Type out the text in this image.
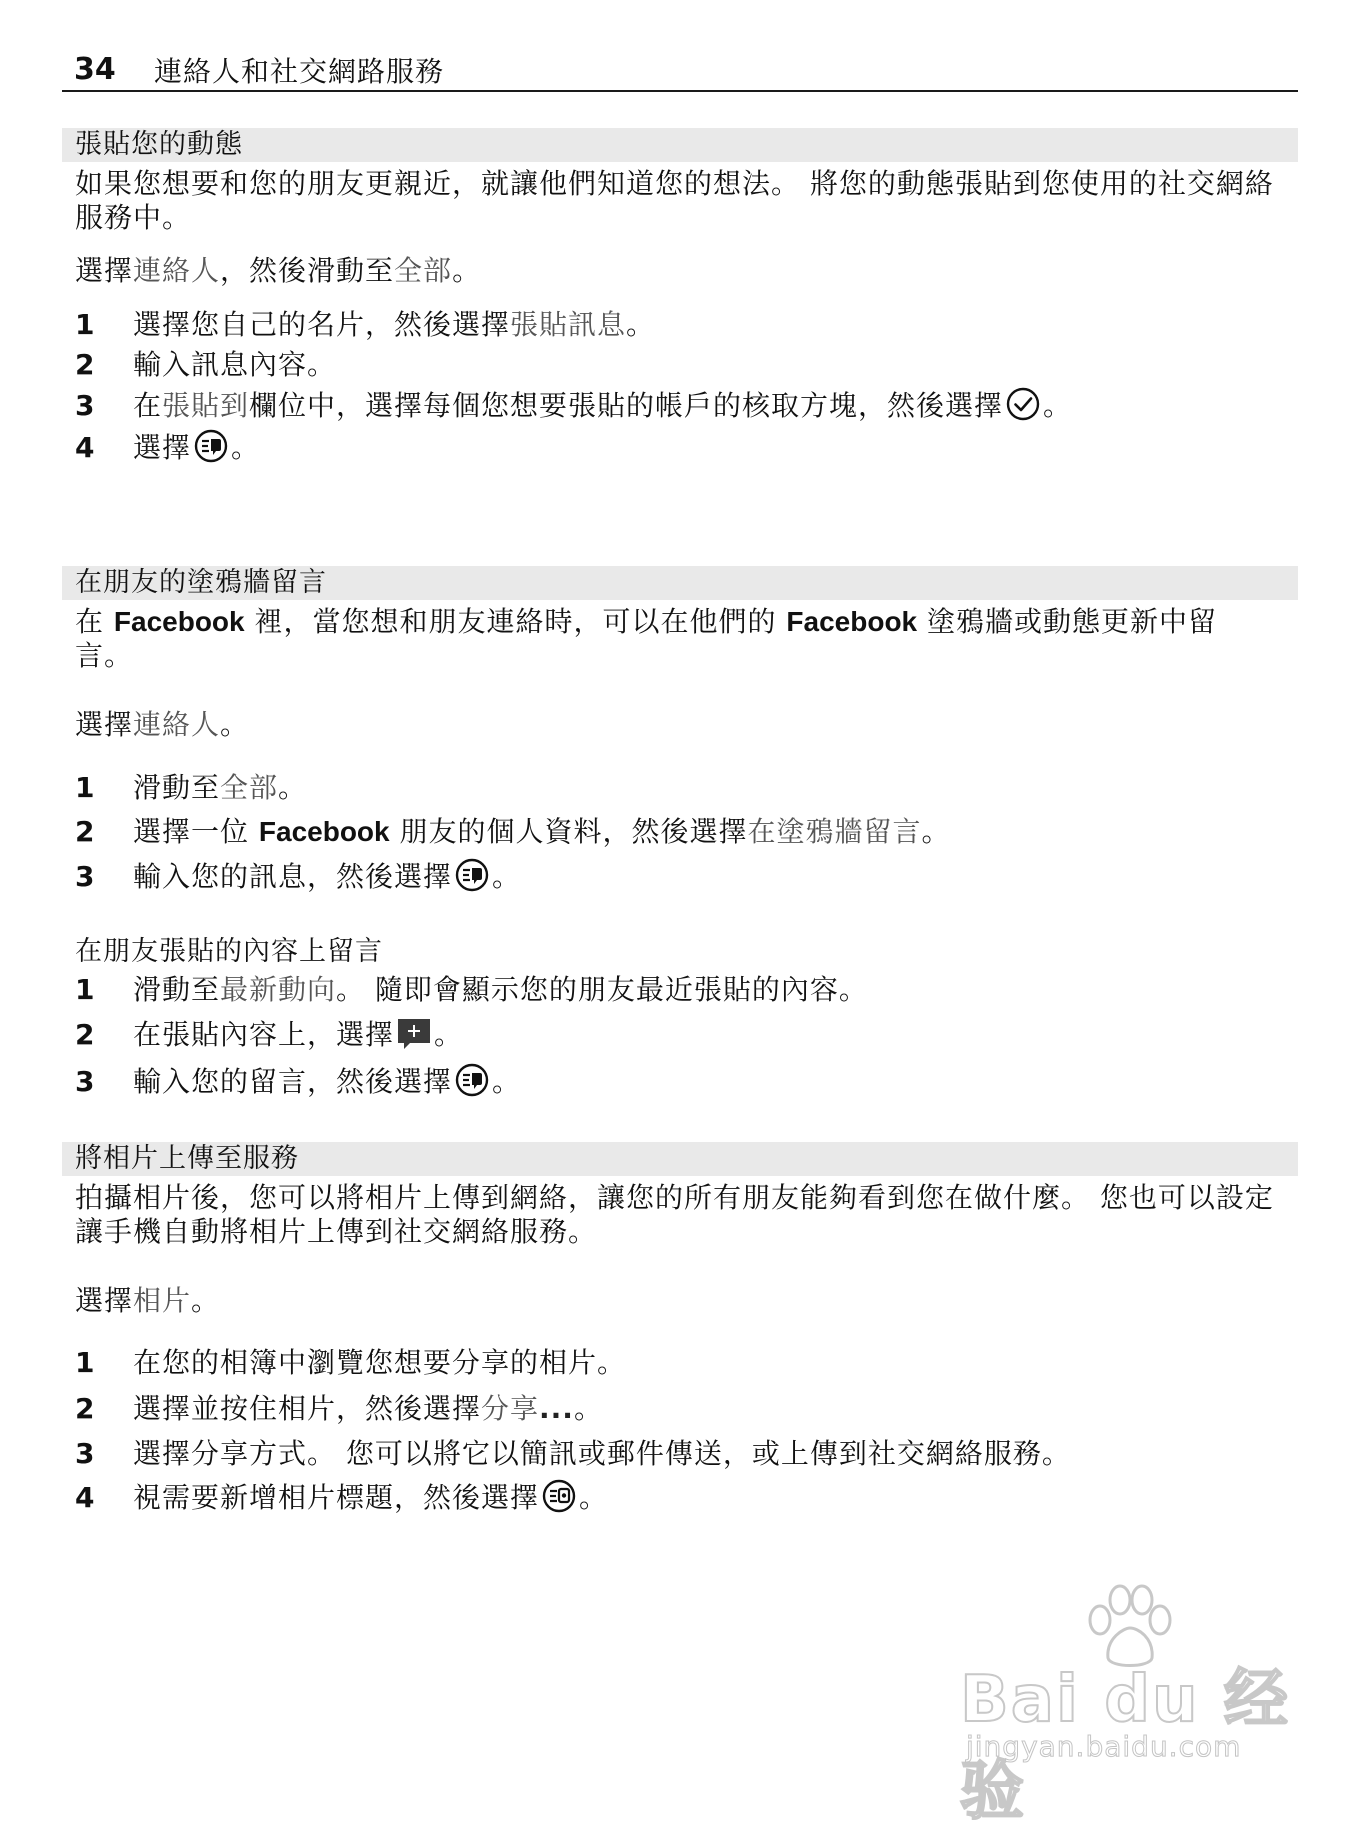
34 連絡人和社交網路服務
張貼您的動態
如果您想要和您的朋友更親近，就讓他們知道您的想法。 將您的動態張貼到您使用的社交網絡服務中。
選擇連絡人，然後滑動至全部。
1 選擇您自己的名片，然後選擇張貼訊息。
2 輸入訊息內容。
3 在張貼到欄位中，選擇每個您想要張貼的帳戶的核取方塊，然後選擇 。
4 選擇 。
在朋友的塗鴉牆留言
在 Facebook 裡，當您想和朋友連絡時，可以在他們的 Facebook 塗鴉牆或動態更新中留言。
選擇連絡人。
1 滑動至全部。
2 選擇一位 Facebook 朋友的個人資料，然後選擇在塗鴉牆留言。
3 輸入您的訊息，然後選擇 。
在朋友張貼的內容上留言
1 滑動至最新動向。 隨即會顯示您的朋友最近張貼的內容。
2 在張貼內容上，選擇 。
3 輸入您的留言，然後選擇 。
將相片上傳至服務
拍攝相片後，您可以將相片上傳到網絡，讓您的所有朋友能夠看到您在做什麼。 您也可以設定讓手機自動將相片上傳到社交網絡服務。
選擇相片。
1 在您的相簿中瀏覽您想要分享的相片。
2 選擇並按住相片，然後選擇分享...。
3 選擇分享方式。 您可以將它以簡訊或郵件傳送，或上傳到社交網絡服務。
4 視需要新增相片標題，然後選擇 。
Bai du 经验
jingyan.baidu.com
